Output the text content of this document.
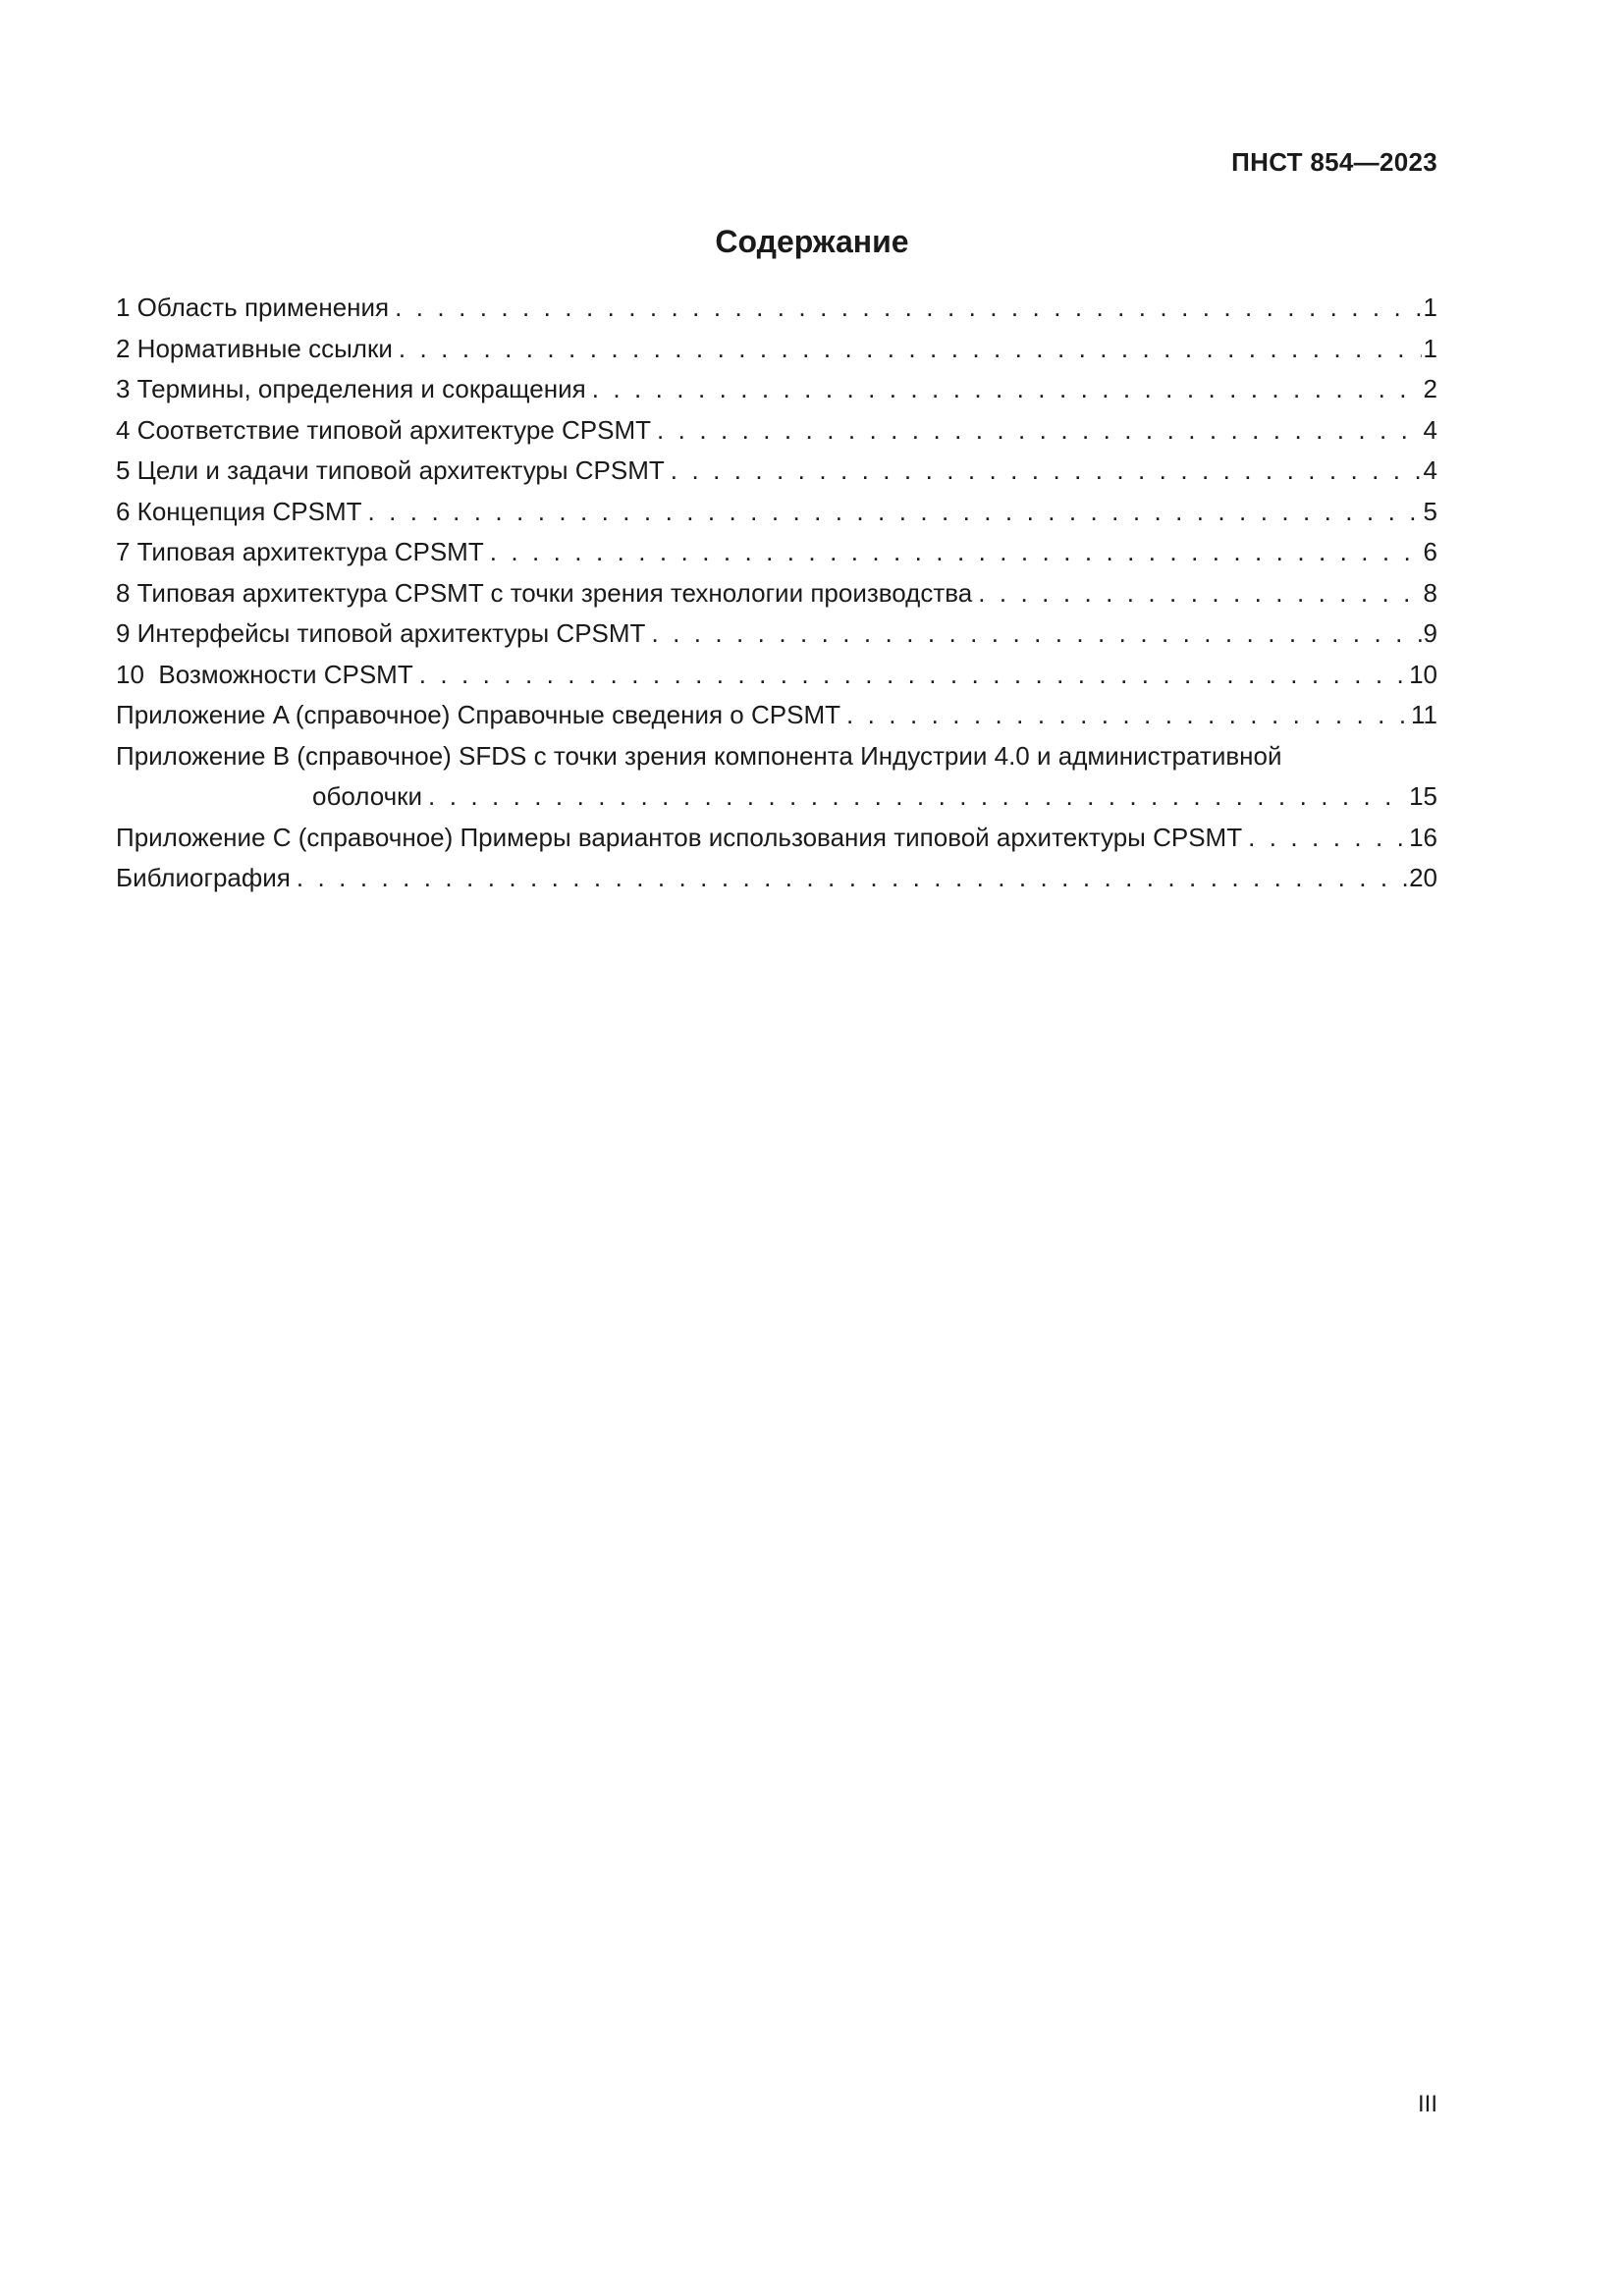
ПНСТ 854—2023
Содержание
1 Область применения . . .	1
2 Нормативные ссылки . . .	1
3 Термины, определения и сокращения . . .	2
4 Соответствие типовой архитектуре CPSMT . . .	4
5 Цели и задачи типовой архитектуры CPSMT . . .	4
6 Концепция CPSMT . . .	5
7 Типовая архитектура CPSMT . . .	6
8 Типовая архитектура CPSMT с точки зрения технологии производства . . .	8
9 Интерфейсы типовой архитектуры CPSMT . . .	9
10  Возможности CPSMT . . .	10
Приложение A (справочное) Справочные сведения о CPSMT . . .	11
Приложение B (справочное) SFDS с точки зрения компонента Индустрии 4.0 и административной
оболочки . . .	15
Приложение C (справочное) Примеры вариантов использования типовой архитектуры CPSMT . . .	16
Библиография . . .	20
III
